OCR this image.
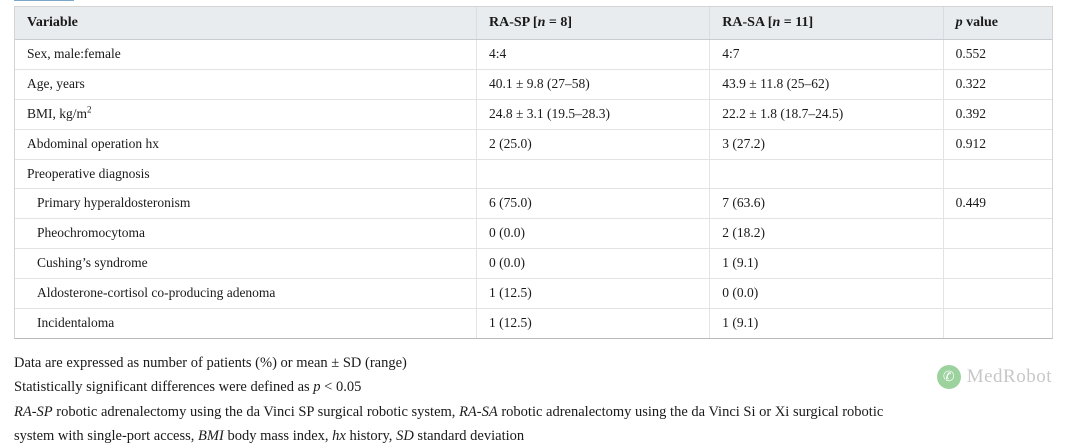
Variable	RA-SP [n = 8]	RA-SA [n = 11]	p value
Sex, male:female	4:4	4:7	0.552
Age, years	40.1 ± 9.8 (27–58)	43.9 ± 11.8 (25–62)	0.322
BMI, $kg/m^2$	24.8 ± 3.1 (19.5–28.3)	22.2 ± 1.8 (18.7–24.5)	0.392
Abdominal operation hx	2 (25.0)	3 (27.2)	0.912
Preoperative diagnosis			
Primary hyperaldosteronism	6 (75.0)	7 (63.6)	0.449
Pheochromocytoma	0 (0.0)	2 (18.2)	
Cushing’s syndrome	0 (0.0)	1 (9.1)	
Aldosterone-cortisol co-producing adenoma	1 (12.5)	0 (0.0)	
Incidentaloma	1 (12.5)	1 (9.1)	

Data are expressed as number of patients (%) or mean ± SD (range)

Statistically significant differences were defined as p < 0.05

RA-SP robotic adrenalectomy using the da Vinci SP surgical robotic system, RA-SA robotic adrenalectomy using the da Vinci Si or Xi surgical robotic

system with single-port access, BMI body mass index, hx history, SD standard deviation

✆ MedRobot
